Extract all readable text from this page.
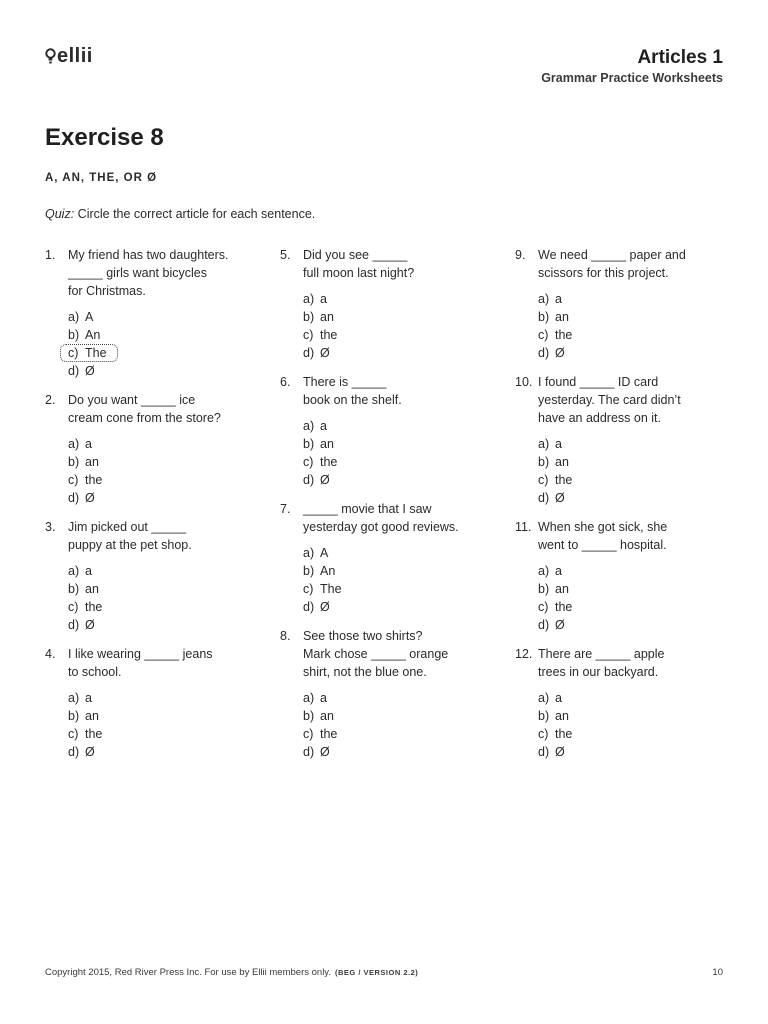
ellii	Articles 1
Grammar Practice Worksheets
Exercise 8
A, AN, THE, OR Ø
Quiz: Circle the correct article for each sentence.
1. My friend has two daughters.
_____ girls want bicycles
for Christmas.
a) A
b) An
c) The
d) Ø
2. Do you want _____ ice
cream cone from the store?
a) a
b) an
c) the
d) Ø
3. Jim picked out _____
puppy at the pet shop.
a) a
b) an
c) the
d) Ø
4. I like wearing _____ jeans
to school.
a) a
b) an
c) the
d) Ø
5. Did you see _____
full moon last night?
a) a
b) an
c) the
d) Ø
6. There is _____
book on the shelf.
a) a
b) an
c) the
d) Ø
7. _____ movie that I saw
yesterday got good reviews.
a) A
b) An
c) The
d) Ø
8. See those two shirts?
Mark chose _____ orange
shirt, not the blue one.
a) a
b) an
c) the
d) Ø
9. We need _____ paper and
scissors for this project.
a) a
b) an
c) the
d) Ø
10. I found _____ ID card
yesterday. The card didn’t
have an address on it.
a) a
b) an
c) the
d) Ø
11. When she got sick, she
went to _____ hospital.
a) a
b) an
c) the
d) Ø
12. There are _____ apple
trees in our backyard.
a) a
b) an
c) the
d) Ø
Copyright 2015, Red River Press Inc. For use by Ellii members only. (BEG / VERSION 2.2)	10
